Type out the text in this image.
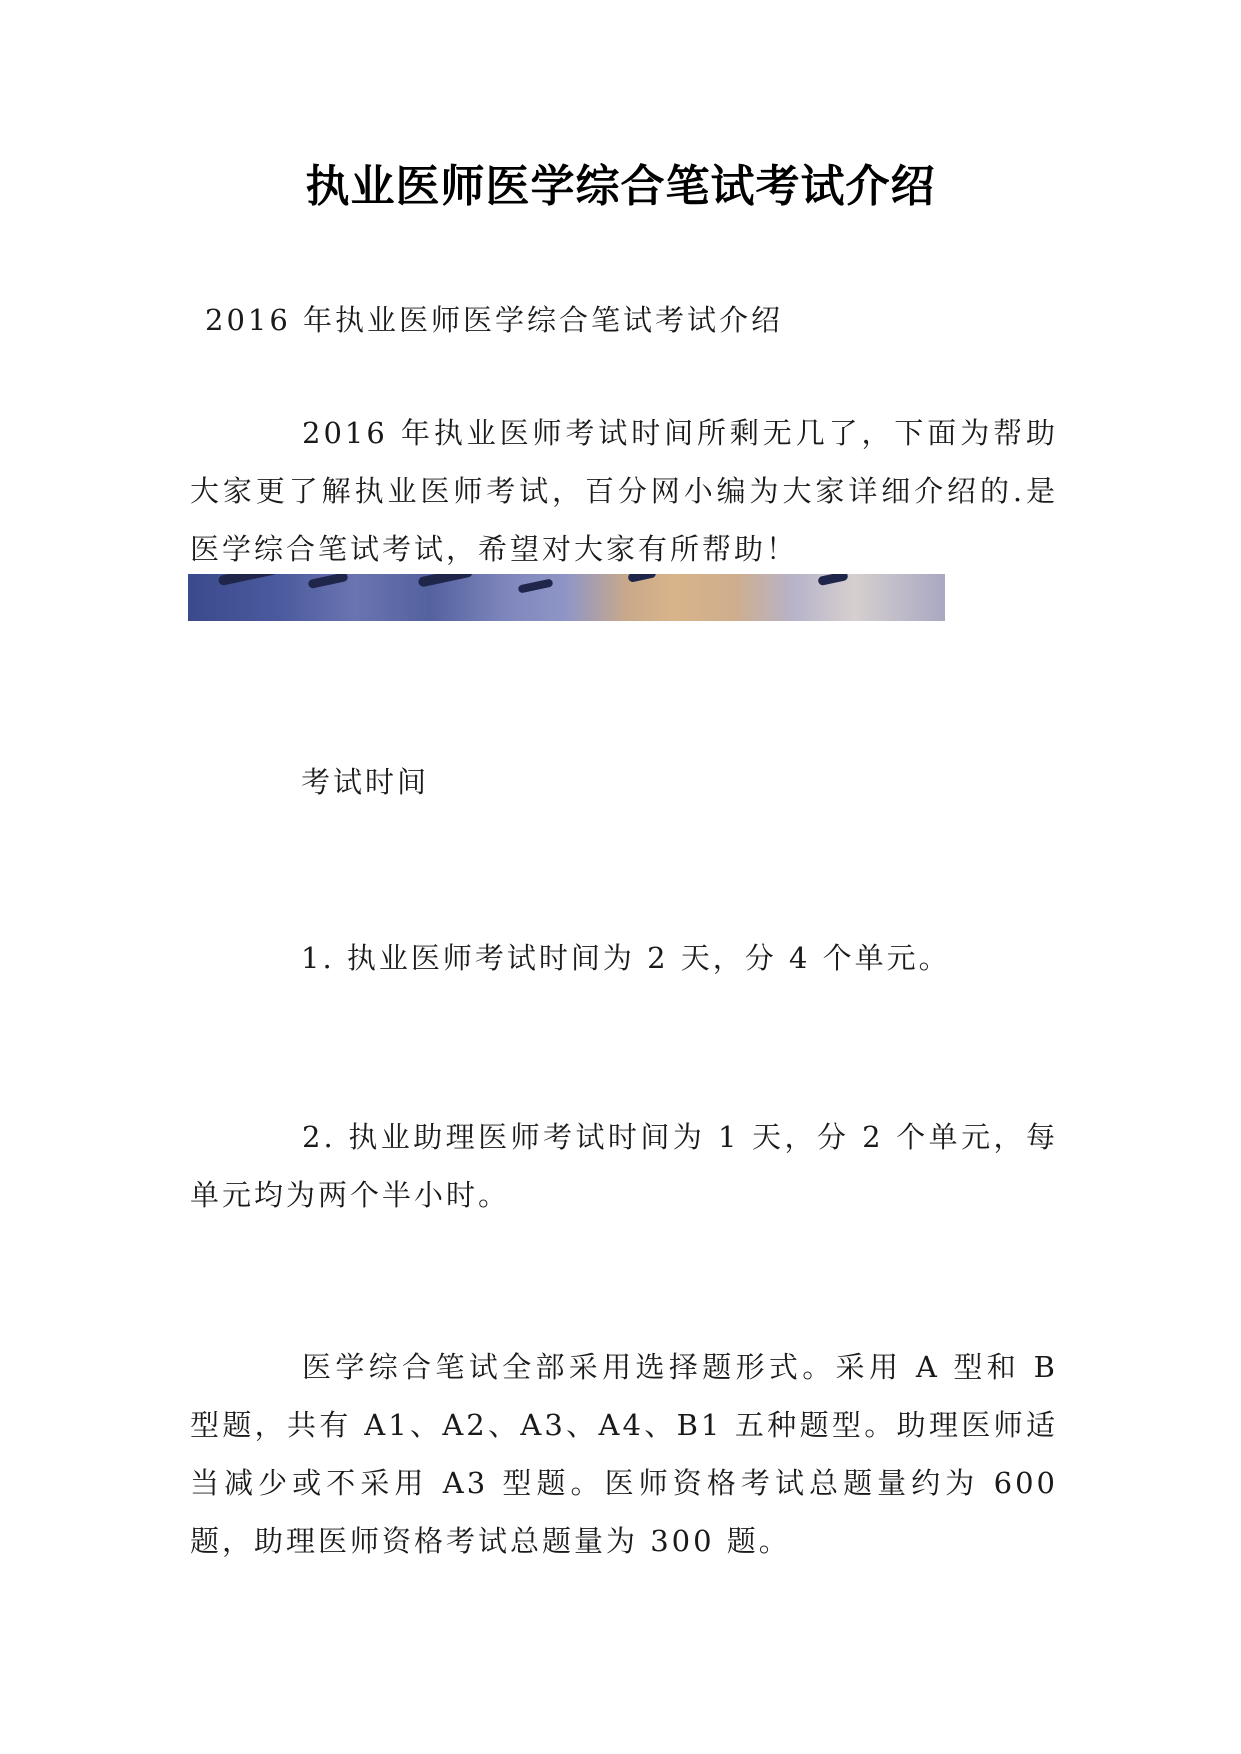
执业医师医学综合笔试考试介绍

2016 年执业医师医学综合笔试考试介绍

2016 年执业医师考试时间所剩无几了，下面为帮助大家更了解执业医师考试，百分网小编为大家详细介绍的.是医学综合笔试考试，希望对大家有所帮助！

考试时间

1. 执业医师考试时间为 2 天，分 4 个单元。

2. 执业助理医师考试时间为 1 天，分 2 个单元，每单元均为两个半小时。

医学综合笔试全部采用选择题形式。采用 A 型和 B 型题，共有 A1、A2、A3、A4、B1 五种题型。助理医师适当减少或不采用 A3 型题。医师资格考试总题量约为 600 题，助理医师资格考试总题量为 300 题。
